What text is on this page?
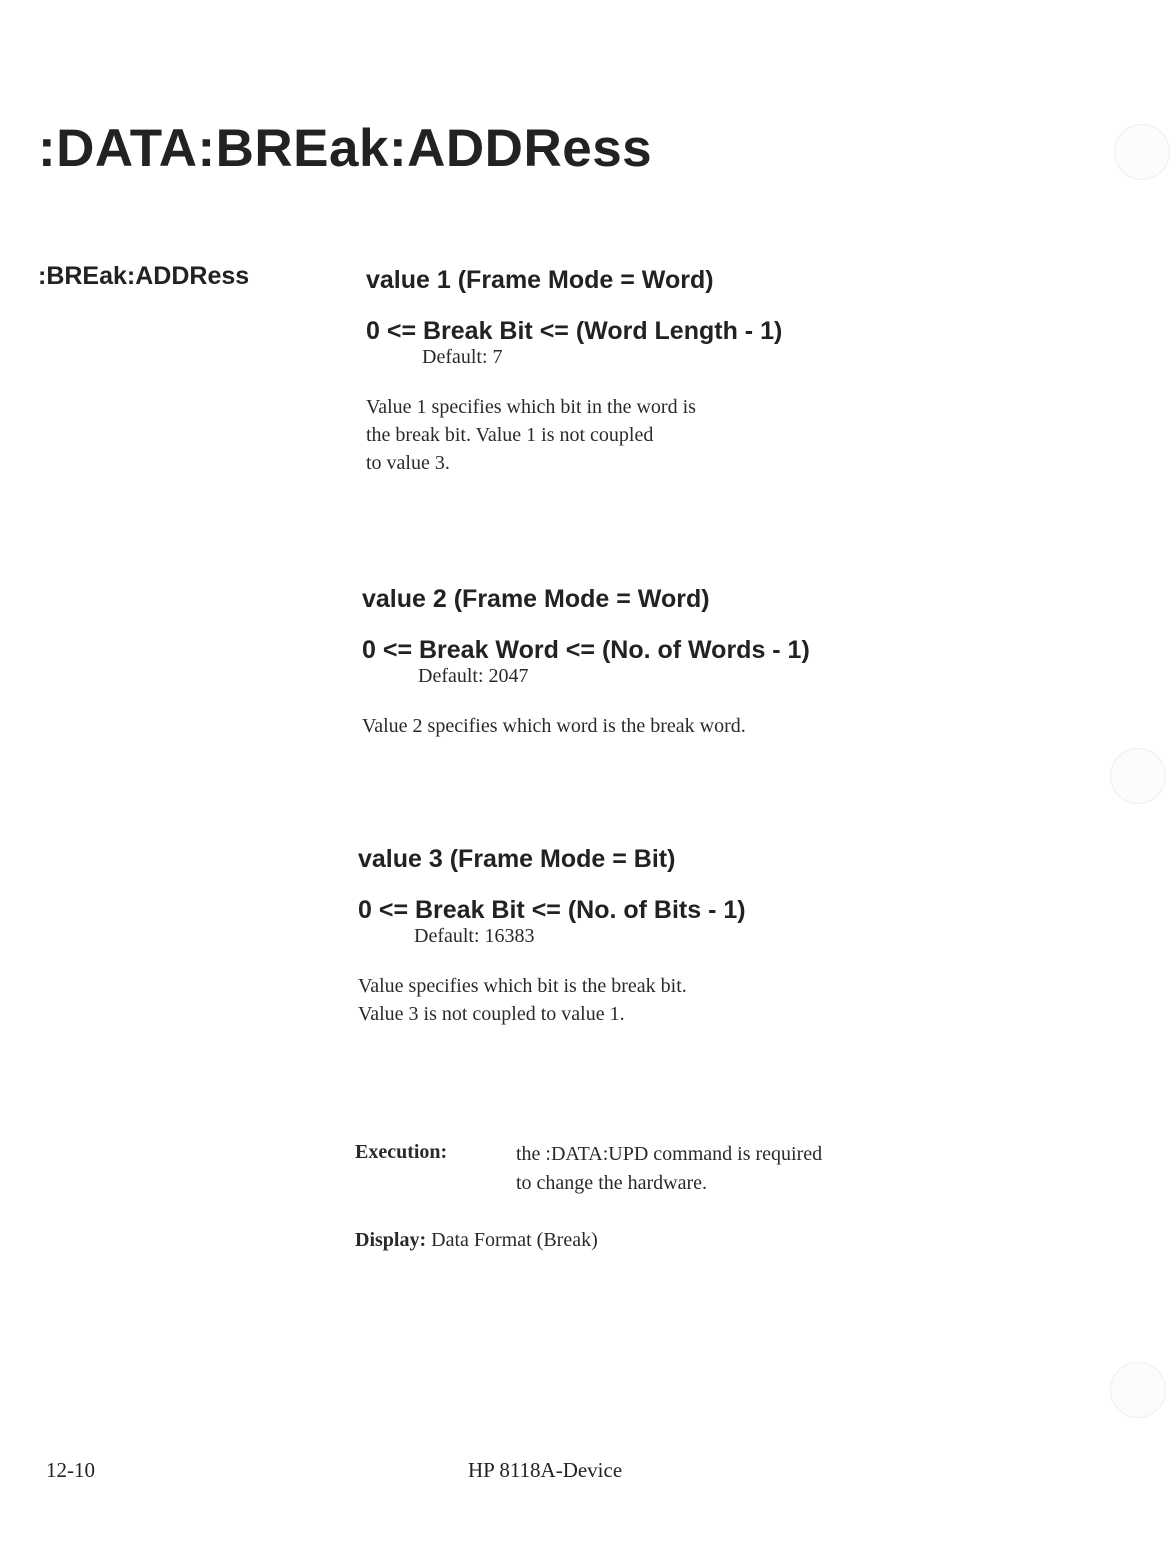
:DATA:BREak:ADDRess
:BREak:ADDRess	value 1 (Frame Mode = Word)
0 <= Break Bit <= (Word Length - 1)
Default: 7
Value 1 specifies which bit in the word is
the break bit. Value 1 is not coupled
to value 3.
value 2 (Frame Mode = Word)
0 <= Break Word <= (No. of Words - 1)
Default: 2047
Value 2 specifies which word is the break word.
value 3 (Frame Mode = Bit)
0 <= Break Bit <= (No. of Bits - 1)
Default: 16383
Value specifies which bit is the break bit.
Value 3 is not coupled to value 1.
Execution:	the :DATA:UPD command is required
to change the hardware.
Display: Data Format (Break)
12-10	HP 8118A-Device
